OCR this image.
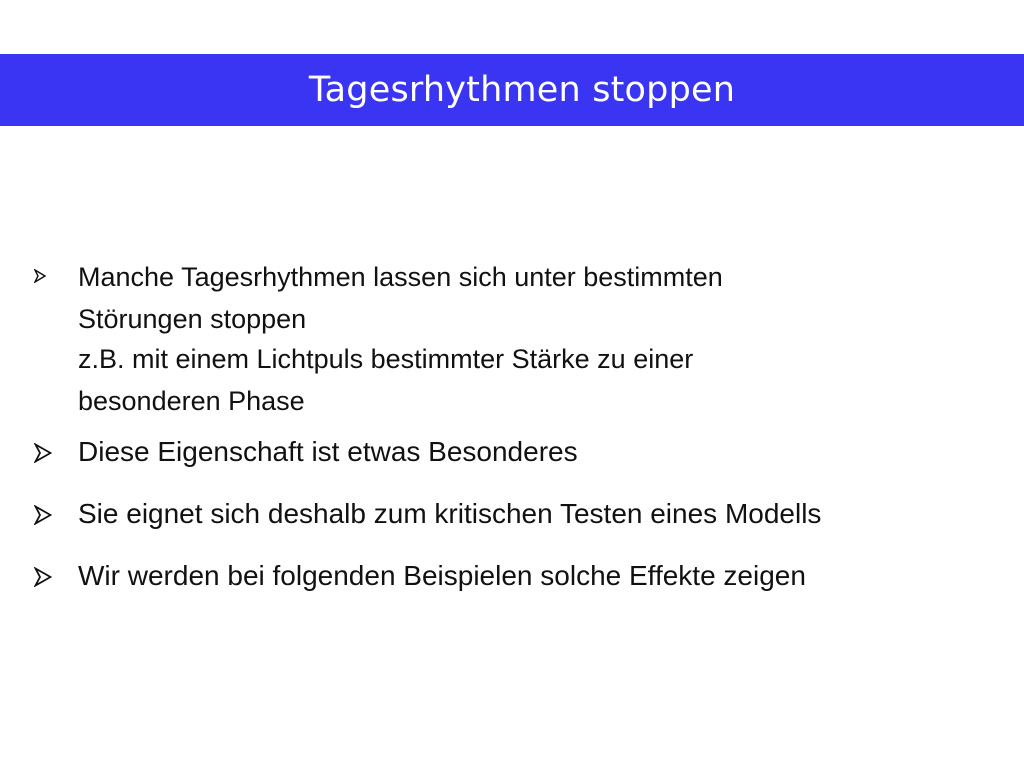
Tagesrhythmen stoppen
Manche Tagesrhythmen lassen sich unter bestimmten
Störungen stoppen
z.B. mit einem Lichtpuls bestimmter Stärke zu einer
besonderen Phase
Diese Eigenschaft ist etwas Besonderes
Sie eignet sich deshalb zum kritischen Testen eines Modells
Wir werden bei folgenden Beispielen solche Effekte zeigen
